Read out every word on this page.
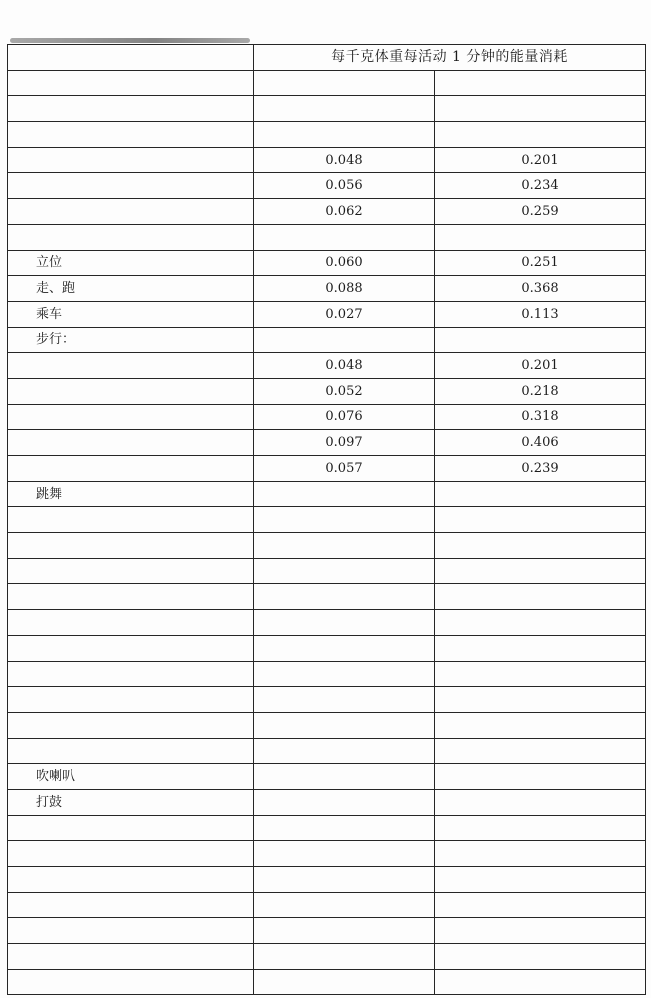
	每千克体重每活动 1 分钟的能量消耗	

	0.048	0.201
	0.056	0.234
	0.062	0.259

立位	0.060	0.251
走、跑	0.088	0.368
乘车	0.027	0.113
步行：		
	0.048	0.201
	0.052	0.218
	0.076	0.318
	0.097	0.406
	0.057	0.239
跳舞		

吹喇叭		
打鼓		
